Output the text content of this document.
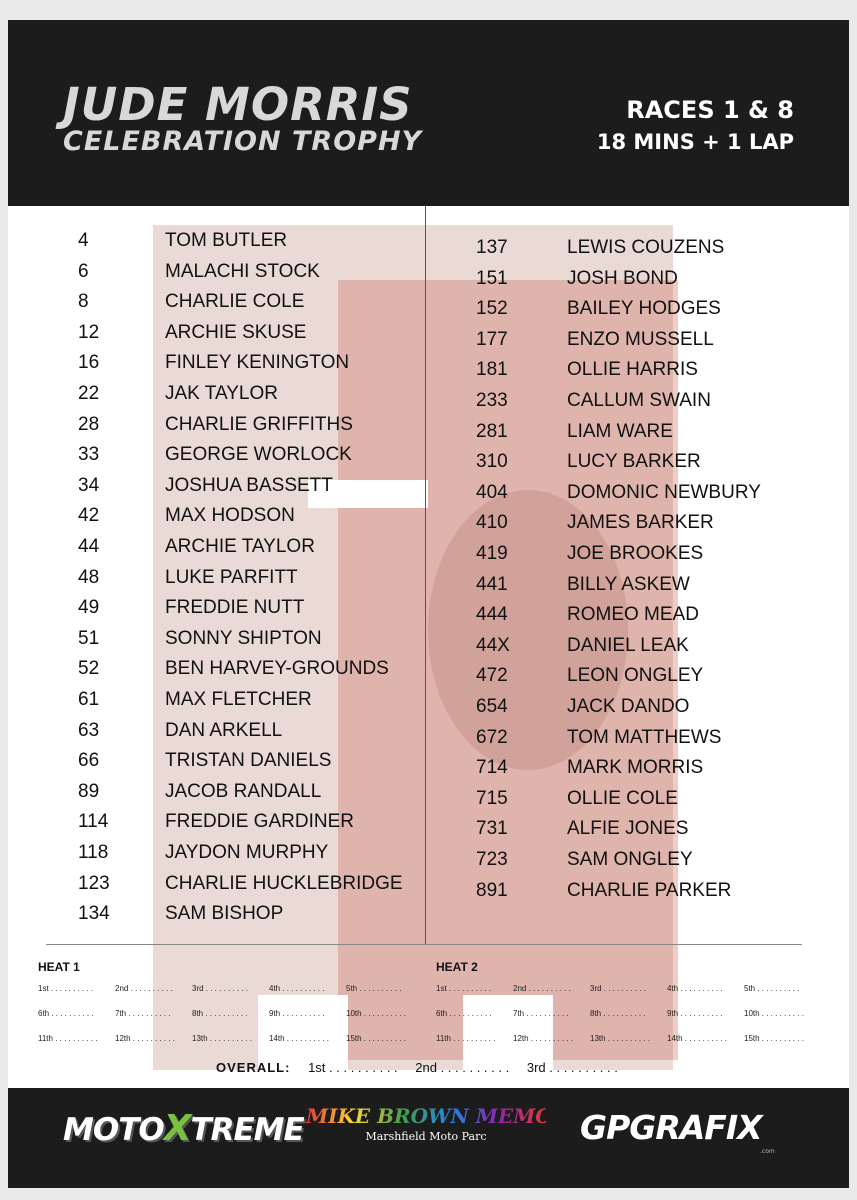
JUDE MORRIS
CELEBRATION TROPHY
RACES 1 & 8
18 MINS + 1 LAP
4	TOM BUTLER
6	MALACHI STOCK
8	CHARLIE COLE
12	ARCHIE SKUSE
16	FINLEY KENINGTON
22	JAK TAYLOR
28	CHARLIE GRIFFITHS
33	GEORGE WORLOCK
34	JOSHUA BASSETT
42	MAX HODSON
44	ARCHIE TAYLOR
48	LUKE PARFITT
49	FREDDIE NUTT
51	SONNY SHIPTON
52	BEN HARVEY-GROUNDS
61	MAX FLETCHER
63	DAN ARKELL
66	TRISTAN DANIELS
89	JACOB RANDALL
114	FREDDIE GARDINER
118	JAYDON MURPHY
123	CHARLIE HUCKLEBRIDGE
134	SAM BISHOP
137	LEWIS COUZENS
151	JOSH BOND
152	BAILEY HODGES
177	ENZO MUSSELL
181	OLLIE HARRIS
233	CALLUM SWAIN
281	LIAM WARE
310	LUCY BARKER
404	DOMONIC NEWBURY
410	JAMES BARKER
419	JOE BROOKES
441	BILLY ASKEW
444	ROMEO MEAD
44X	DANIEL LEAK
472	LEON ONGLEY
654	JACK DANDO
672	TOM MATTHEWS
714	MARK MORRIS
715	OLLIE COLE
731	ALFIE JONES
723	SAM ONGLEY
891	CHARLIE PARKER
HEAT 1
1st . . . . . . . . . .	2nd . . . . . . . . . . 3rd . . . . . . . . . .	4th . . . . . . . . . .	5th . . . . . . . . . .
6th . . . . . . . . . .	7th . . . . . . . . . .	8th . . . . . . . . . .	9th . . . . . . . . . .	10th . . . . . . . . . .
11th . . . . . . . . . . 12th . . . . . . . . . . 13th . . . . . . . . . . 14th . . . . . . . . . . 15th . . . . . . . . . .
HEAT 2
1st . . . . . . . . . .	2nd . . . . . . . . . . 3rd . . . . . . . . . .	4th . . . . . . . . . .	5th . . . . . . . . . .
6th . . . . . . . . . .	7th . . . . . . . . . .	8th . . . . . . . . . .	9th . . . . . . . . . .	10th . . . . . . . . . .
11th . . . . . . . . . . 12th . . . . . . . . . . 13th . . . . . . . . . . 14th . . . . . . . . . . 15th . . . . . . . . . .
OVERALL: 1st . . . . . . . . . . 2nd . . . . . . . . . . 3rd . . . . . . . . . .
MOTOXTREME MIKE BROWN MEMORIAL
Marshfield Moto Parc	GPGRAFIX
.com
